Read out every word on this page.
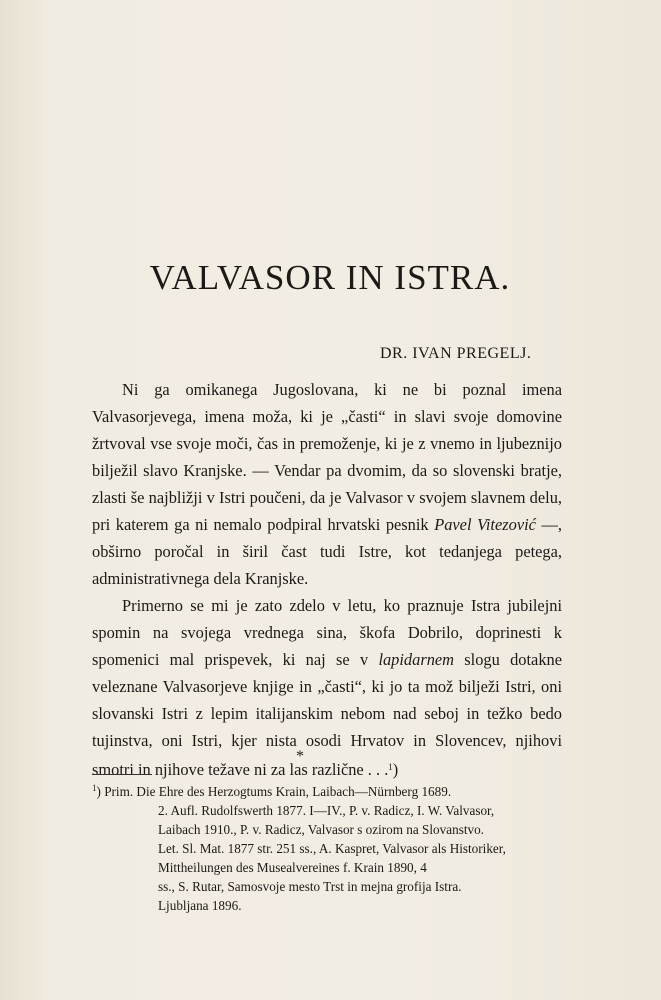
VALVASOR IN ISTRA.
DR. IVAN PREGELJ.

Ni ga omikanega Jugoslovana, ki ne bi poznal imena Valvasorjevega, imena moža, ki je „časti“ in slavi svoje domovine žrtvoval vse svoje moči, čas in premoženje, ki je z vnemo in ljubeznijo bilježil slavo Kranjske. — Vendar pa dvomim, da so slovenski bratje, zlasti še najbližji v Istri poučeni, da je Valvasor v svojem slavnem delu, pri katerem ga ni nemalo podpiral hrvatski pesnik Pavel Vitezović —, obširno poročal in širil čast tudi Istre, kot tedanjega petega, administrativnega dela Kranjske.

Primerno se mi je zato zdelo v letu, ko praznuje Istra jubilejni spomin na svojega vrednega sina, škofa Dobrilo, doprinesti k spomenici mal prispevek, ki naj se v lapidarnem slogu dotakne veleznane Valvasorjeve knjige in „časti“, ki jo ta mož bilježi Istri, oni slovanski Istri z lepim italijanskim nebom nad seboj in težko bedo tujinstva, oni Istri, kjer nista osodi Hrvatov in Slovencev, njihovi smotri in njihove težave ni za las različne . . .$^1$)

*

$^1$) Prim. Die Ehre des Herzogtums Krain, Laibach—Nürnberg 1689.

2. Aufl. Rudolfswerth 1877. I—IV., P. v. Radicz, I. W. Valvasor,

Laibach 1910., P. v. Radicz, Valvasor s ozirom na Slovanstvo.

Let. Sl. Mat. 1877 str. 251 ss., A. Kaspret, Valvasor als Historiker, Mittheilungen des Musealvereines f. Krain 1890, 4

ss., S. Rutar, Samosvoje mesto Trst in mejna grofija Istra.

Ljubljana 1896.
